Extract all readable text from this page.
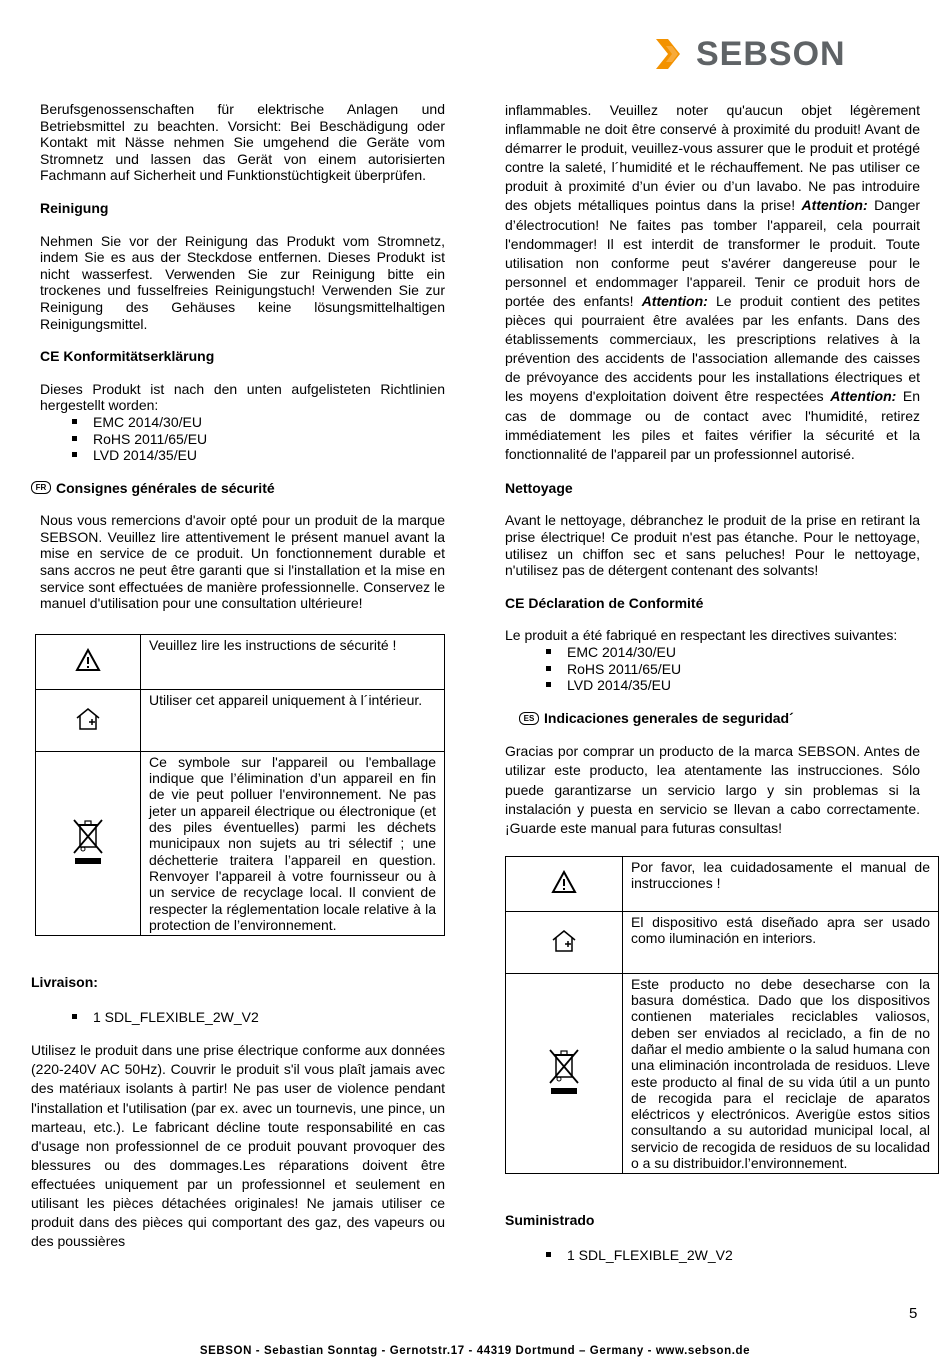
SEBSON

Berufsgenossenschaften für elektrische Anlagen und Betriebsmittel zu beachten. Vorsicht: Bei Beschädigung oder Kontakt mit Nässe nehmen Sie umgehend die Geräte vom Stromnetz und lassen das Gerät von einem autorisierten Fachmann auf Sicherheit und Funktionstüchtigkeit überprüfen.

Reinigung

Nehmen Sie vor der Reinigung das Produkt vom Stromnetz, indem Sie es aus der Steckdose entfernen. Dieses Produkt ist nicht wasserfest. Verwenden Sie zur Reinigung bitte ein trockenes und fusselfreies Reinigungstuch! Verwenden Sie zur Reinigung des Gehäuses keine lösungsmittelhaltigen Reinigungsmittel.

CE Konformitätserklärung

Dieses Produkt ist nach den unten aufgelisteten Richtlinien hergestellt worden:

EMC 2014/30/EU
RoHS 2011/65/EU
LVD 2014/35/EU
FR Consignes générales de sécurité

Nous vous remercions d'avoir opté pour un produit de la marque SEBSON. Veuillez lire attentivement le présent manuel avant la mise en service de ce produit. Un fonctionnement durable et sans accros ne peut être garanti que si l'installation et la mise en service sont effectuées de manière professionnelle. Conservez le manuel d'utilisation pour une consultation ultérieure!

Veuillez lire les instructions de sécurité !

Utiliser cet appareil uniquement à l´intérieur.

Ce symbole sur l'appareil ou l'emballage indique que l’élimination d’un appareil en fin de vie peut polluer l'environnement. Ne pas jeter un appareil électrique ou électronique (et des piles éventuelles) parmi les déchets municipaux non sujets au tri sélectif ; une déchetterie traitera l’appareil en question. Renvoyer l'appareil à votre fournisseur ou à un service de recyclage local. Il convient de respecter la réglementation locale relative à la protection de l’environnement.

Livraison:

1 SDL_FLEXIBLE_2W_V2

Utilisez le produit dans une prise électrique conforme aux données (220-240V AC 50Hz). Couvrir le produit s'il vous plaît jamais avec des matériaux isolants à partir! Ne pas user de violence pendant l'installation et l'utilisation (par ex. avec un tournevis, une pince, un marteau, etc.). Le fabricant décline toute responsabilité en cas d'usage non professionnel de ce produit pouvant provoquer des blessures ou des dommages.Les réparations doivent être effectuées uniquement par un professionnel et seulement en utilisant les pièces détachées originales! Ne jamais utiliser ce produit dans des pièces qui comportant des gaz, des vapeurs ou des poussières

inflammables. Veuillez noter qu'aucun objet légèrement inflammable ne doit être conservé à proximité du produit! Avant de démarrer le produit, veuillez-vous assurer que le produit et protégé contre la saleté, l´humidité et le réchauffement. Ne pas utiliser ce produit à proximité d’un évier ou d’un lavabo. Ne pas introduire des objets métalliques pointus dans la prise! Attention: Danger d’électrocution! Ne faites pas tomber l'appareil, cela pourrait l'endommager! Il est interdit de transformer le produit. Toute utilisation non conforme peut s'avérer dangereuse pour le personnel et endommager l'appareil. Tenir ce produit hors de portée des enfants! Attention: Le produit contient des petites pièces qui pourraient être avalées par les enfants. Dans des établissements commerciaux, les prescriptions relatives à la prévention des accidents de l'association allemande des caisses de prévoyance des accidents pour les installations électriques et les moyens d'exploitation doivent être respectées Attention: En cas de dommage ou de contact avec l'humidité, retirez immédiatement les piles et faites vérifier la sécurité et la fonctionnalité de l'appareil par un professionnel autorisé.

Nettoyage

Avant le nettoyage, débranchez le produit de la prise en retirant la prise électrique! Ce produit n'est pas étanche. Pour le nettoyage, utilisez un chiffon sec et sans peluches! Pour le nettoyage, n'utilisez pas de détergent contenant des solvants!

CE Déclaration de Conformité

Le produit a été fabriqué en respectant les directives suivantes:

EMC 2014/30/EU
RoHS 2011/65/EU
LVD 2014/35/EU
ES Indicaciones generales de seguridad´

Gracias por comprar un producto de la marca SEBSON. Antes de utilizar este producto, lea atentamente las instrucciones. Sólo puede garantizarse un servicio largo y sin problemas si la instalación y puesta en servicio se llevan a cabo correctamente. ¡Guarde este manual para futuras consultas!

Por favor, lea cuidadosamente el manual de instrucciones !

El dispositivo está diseñado apra ser usado como iluminación en interiors.

Este producto no debe desecharse con la basura doméstica. Dado que los dispositivos contienen materiales reciclables valiosos, deben ser enviados al reciclado, a fin de no dañar el medio ambiente o la salud humana con una eliminación incontrolada de residuos. Lleve este producto al final de su vida útil a un punto de recogida para el reciclaje de aparatos eléctricos y electrónicos. Averigüe estos sitios consultando a su autoridad municipal local, al servicio de recogida de residuos de su localidad o a su distribuidor.l’environnement.

Suministrado

1 SDL_FLEXIBLE_2W_V2
5
SEBSON - Sebastian Sonntag - Gernotstr.17 - 44319 Dortmund – Germany - www.sebson.de
